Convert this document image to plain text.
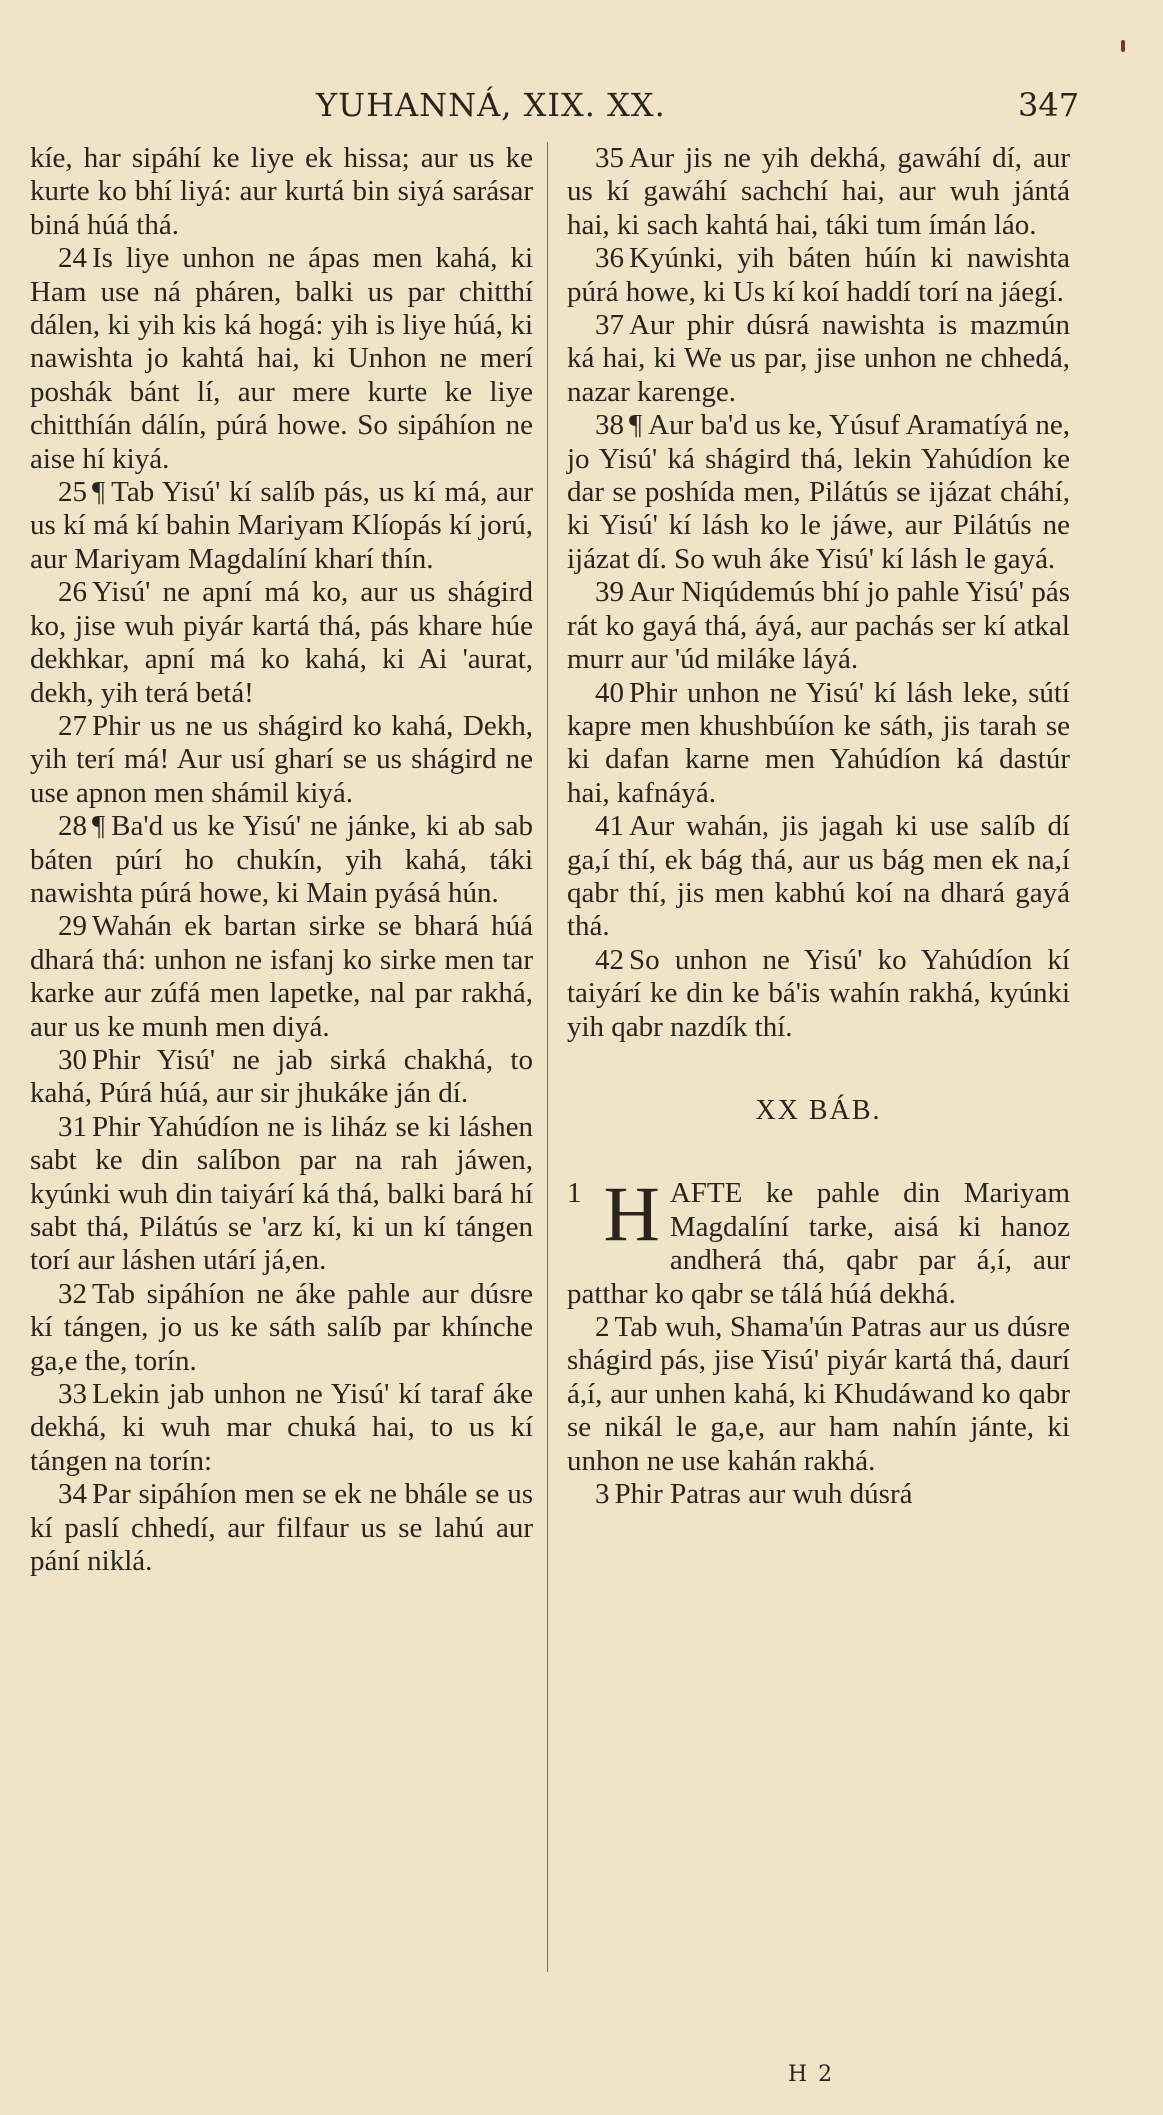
YUHANNÁ, XIX. XX.	347

kíe, har sipáhí ke liye ek hissa; aur us ke kurte ko bhí liyá: aur kurtá bin siyá sarásar biná húá thá.

24 Is liye unhon ne ápas men kahá, ki Ham use ná pháren, balki us par chitthí dálen, ki yih kis ká hogá: yih is liye húá, ki nawishta jo kahtá hai, ki Unhon ne merí poshák bánt lí, aur mere kurte ke liye chitthíán dálín, púrá howe. So sipáhíon ne aise hí kiyá.

25 ¶ Tab Yisú' kí salíb pás, us kí má, aur us kí má kí bahin Mariyam Klíopás kí jorú, aur Mariyam Magdalíní kharí thín.

26 Yisú' ne apní má ko, aur us shágird ko, jise wuh piyár kartá thá, pás khare húe dekhkar, apní má ko kahá, ki Ai 'aurat, dekh, yih terá betá!

27 Phir us ne us shágird ko kahá, Dekh, yih terí má! Aur usí gharí se us shágird ne use apnon men shámil kiyá.

28 ¶ Ba'd us ke Yisú' ne jánke, ki ab sab báten púrí ho chukín, yih kahá, táki nawishta púrá howe, ki Main pyásá hún.

29 Wahán ek bartan sirke se bhará húá dhará thá: unhon ne isfanj ko sirke men tar karke aur zúfá men lapetke, nal par rakhá, aur us ke munh men diyá.

30 Phir Yisú' ne jab sirká chakhá, to kahá, Púrá húá, aur sir jhukáke ján dí.

31 Phir Yahúdíon ne is liház se ki láshen sabt ke din salíbon par na rah jáwen, kyúnki wuh din taiyárí ká thá, balki bará hí sabt thá, Pilátús se 'arz kí, ki un kí tángen torí aur láshen utárí já,en.

32 Tab sipáhíon ne áke pahle aur dúsre kí tángen, jo us ke sáth salíb par khínche ga,e the, torín.

33 Lekin jab unhon ne Yisú' kí taraf áke dekhá, ki wuh mar chuká hai, to us kí tángen na torín:

34 Par sipáhíon men se ek ne bhále se us kí paslí chhedí, aur filfaur us se lahú aur pání niklá.

35 Aur jis ne yih dekhá, gawáhí dí, aur us kí gawáhí sachchí hai, aur wuh jántá hai, ki sach kahtá hai, táki tum ímán láo.

36 Kyúnki, yih báten húín ki nawishta púrá howe, ki Us kí koí haddí torí na jáegí.

37 Aur phir dúsrá nawishta is mazmún ká hai, ki We us par, jise unhon ne chhedá, nazar karenge.

38 ¶ Aur ba'd us ke, Yúsuf Aramatíyá ne, jo Yisú' ká shágird thá, lekin Yahúdíon ke dar se poshída men, Pilátús se ijázat cháhí, ki Yisú' kí lásh ko le jáwe, aur Pilátús ne ijázat dí. So wuh áke Yisú' kí lásh le gayá.

39 Aur Niqúdemús bhí jo pahle Yisú' pás rát ko gayá thá, áyá, aur pachás ser kí atkal murr aur 'úd miláke láyá.

40 Phir unhon ne Yisú' kí lásh leke, sútí kapre men khushbúíon ke sáth, jis tarah se ki dafan karne men Yahúdíon ká dastúr hai, kafnáyá.

41 Aur wahán, jis jagah ki use salíb dí ga,í thí, ek bág thá, aur us bág men ek na,í qabr thí, jis men kabhú koí na dhará gayá thá.

42 So unhon ne Yisú' ko Yahúdíon kí taiyárí ke din ke bá'is wahín rakhá, kyúnki yih qabr nazdík thí.

XX BÁB.

1 H AFTE ke pahle din Mariyam Magdalíní tarke, aisá ki hanoz andherá thá, qabr par á,í, aur patthar ko qabr se tálá húá dekhá.

2 Tab wuh, Shama'ún Patras aur us dúsre shágird pás, jise Yisú' piyár kartá thá, daurí á,í, aur unhen kahá, ki Khudáwand ko qabr se nikál le ga,e, aur ham nahín jánte, ki unhon ne use kahán rakhá.

3 Phir Patras aur wuh dúsrá

H 2
